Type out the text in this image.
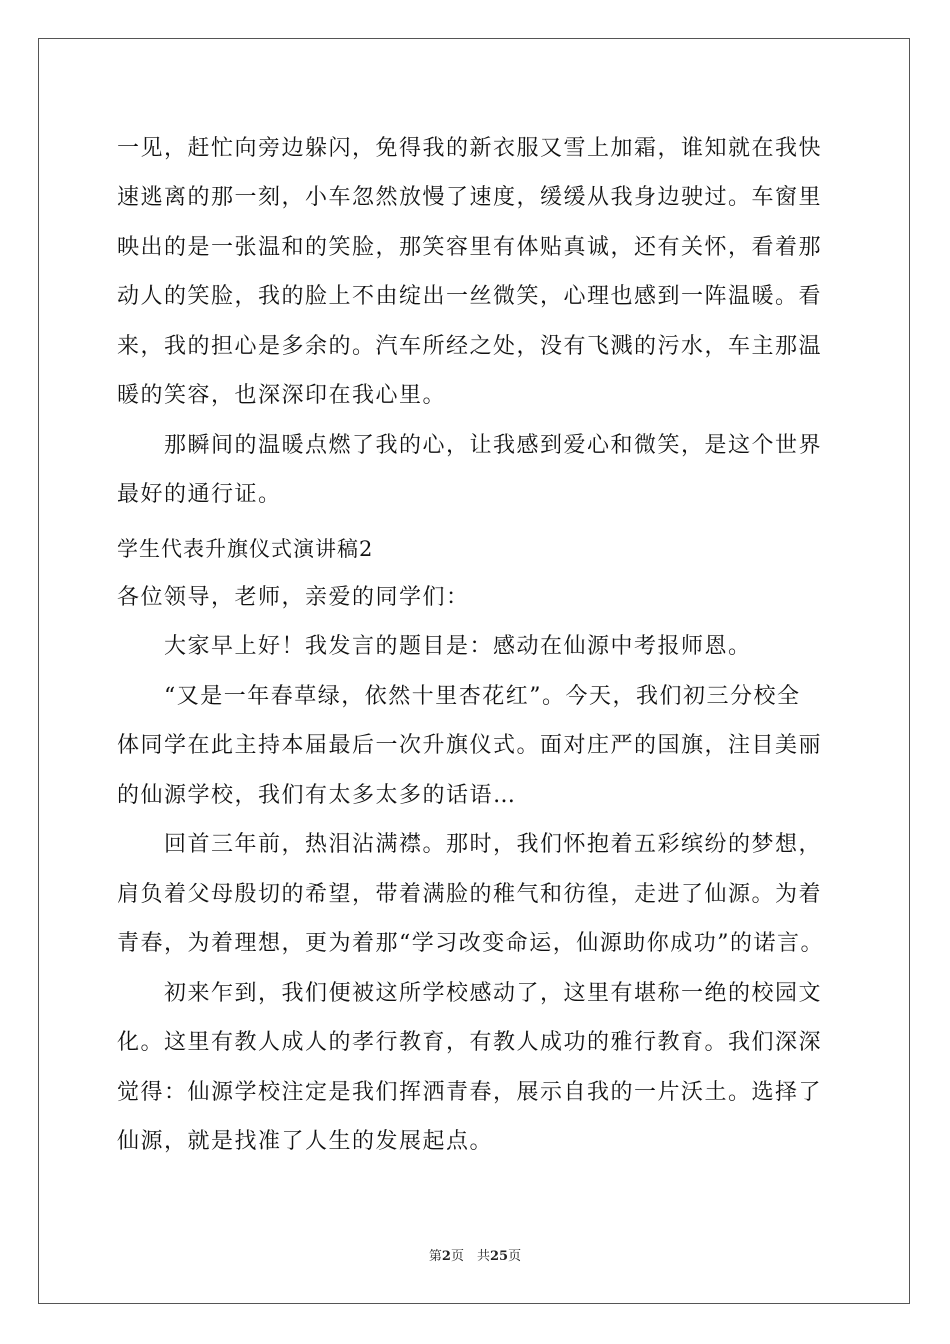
一见，赶忙向旁边躲闪，免得我的新衣服又雪上加霜，谁知就在我快

速逃离的那一刻，小车忽然放慢了速度，缓缓从我身边驶过。车窗里

映出的是一张温和的笑脸，那笑容里有体贴真诚，还有关怀，看着那

动人的笑脸，我的脸上不由绽出一丝微笑，心理也感到一阵温暖。看

来，我的担心是多余的。汽车所经之处，没有飞溅的污水，车主那温

暖的笑容，也深深印在我心里。

　　那瞬间的温暖点燃了我的心，让我感到爱心和微笑，是这个世界

最好的通行证。

学生代表升旗仪式演讲稿2

各位领导，老师，亲爱的同学们：

　　大家早上好！我发言的题目是：感动在仙源中考报师恩。

　　“又是一年春草绿，依然十里杏花红”。今天，我们初三分校全

体同学在此主持本届最后一次升旗仪式。面对庄严的国旗，注目美丽

的仙源学校，我们有太多太多的话语…

　　回首三年前，热泪沾满襟。那时，我们怀抱着五彩缤纷的梦想，

肩负着父母殷切的希望，带着满脸的稚气和彷徨，走进了仙源。为着

青春，为着理想，更为着那“学习改变命运，仙源助你成功”的诺言。

　　初来乍到，我们便被这所学校感动了，这里有堪称一绝的校园文

化。这里有教人成人的孝行教育，有教人成功的雅行教育。我们深深

觉得：仙源学校注定是我们挥洒青春，展示自我的一片沃土。选择了

仙源，就是找准了人生的发展起点。

第2页　共25页
